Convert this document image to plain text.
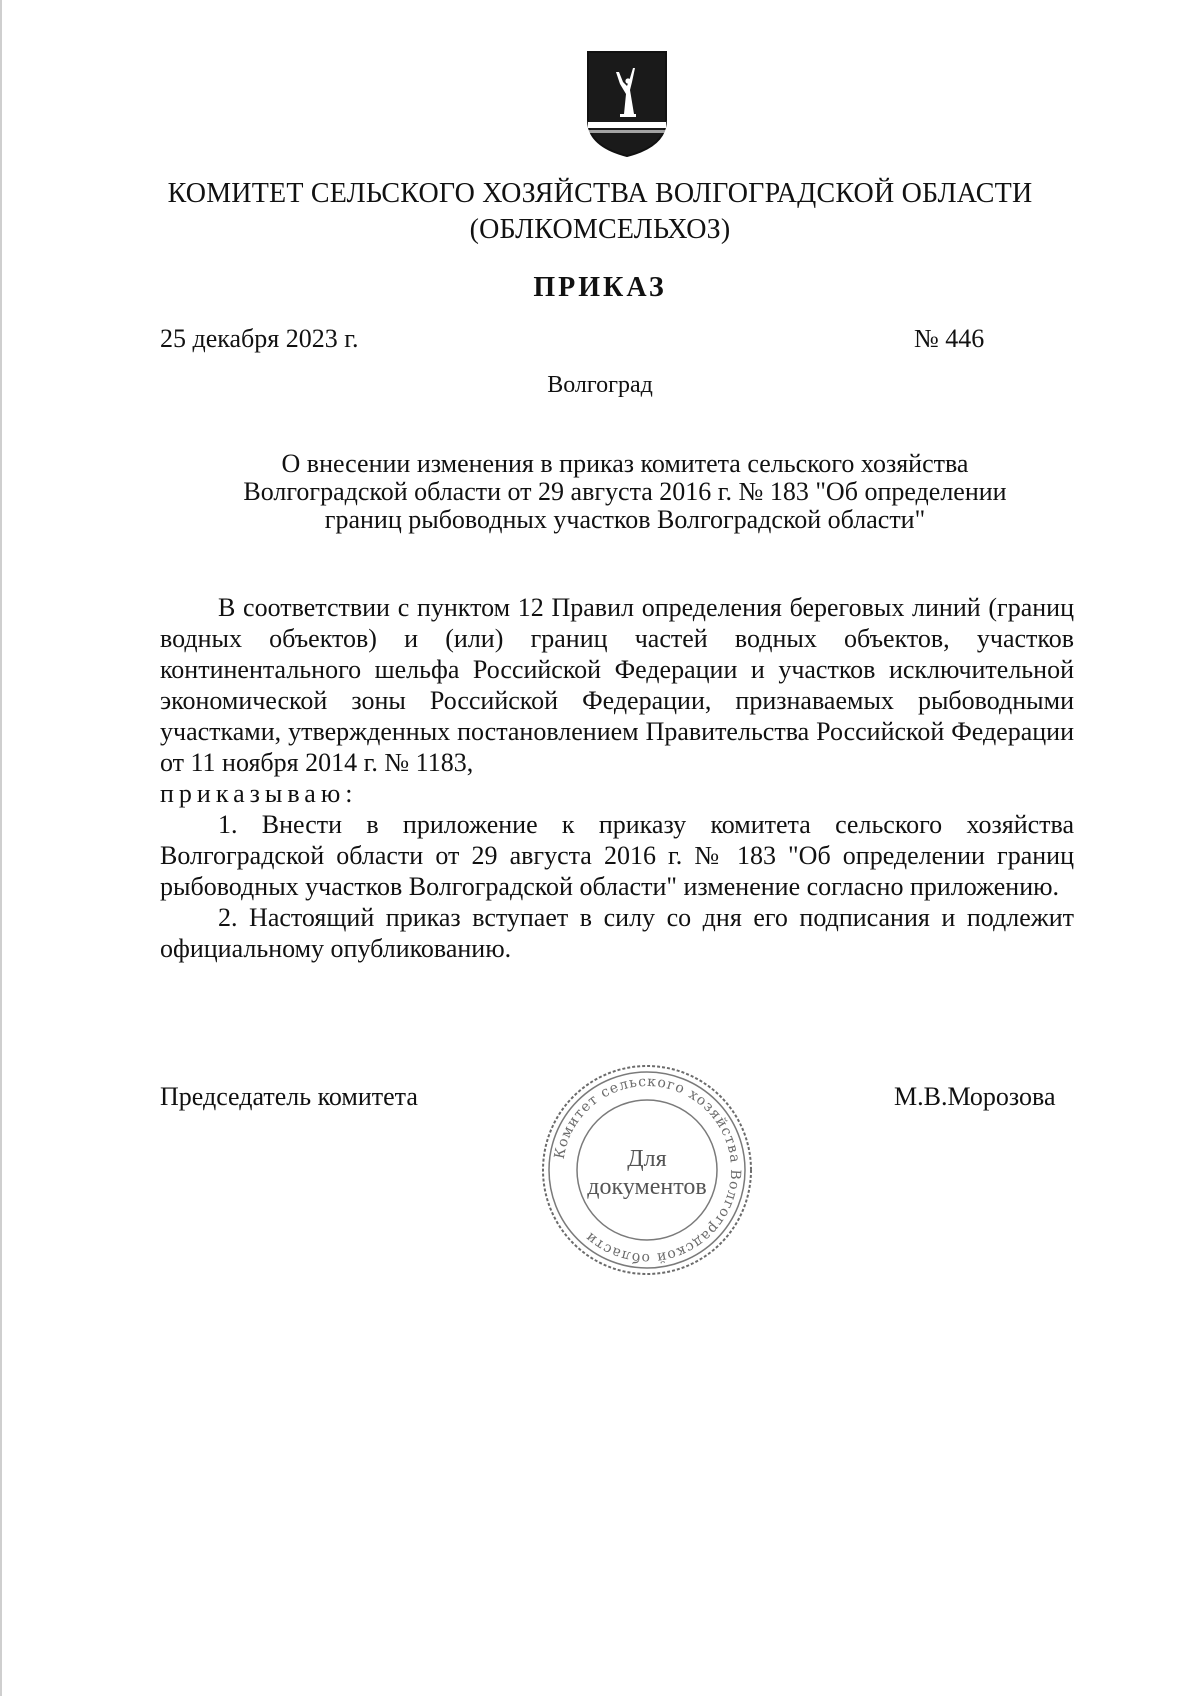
КОМИТЕТ СЕЛЬСКОГО ХОЗЯЙСТВА ВОЛГОГРАДСКОЙ ОБЛАСТИ
(ОБЛКОМСЕЛЬХОЗ)
ПРИКАЗ
25 декабря 2023 г.	№ 446
Волгоград
О внесении изменения в приказ комитета сельского хозяйства
Волгоградской области от 29 августа 2016 г. № 183 "Об определении
границ рыбоводных участков Волгоградской области"

В соответствии с пунктом 12 Правил определения береговых линий (границ водных объектов) и (или) границ частей водных объектов, участков континентального шельфа Российской Федерации и участков исключительной экономической зоны Российской Федерации, признаваемых рыбоводными участками, утвержденных постановлением Правительства Российской Федерации от 11 ноября 2014 г. № 1183,

приказываю:

1. Внести в приложение к приказу комитета сельского хозяйства Волгоградской области от 29 августа 2016 г. № 183 "Об определении границ рыбоводных участков Волгоградской области" изменение согласно приложению.

2. Настоящий приказ вступает в силу со дня его подписания и подлежит официальному опубликованию.

Председатель комитета	М.В.Морозова
Комитет сельского хозяйства Волгоградской области
Для
документов
